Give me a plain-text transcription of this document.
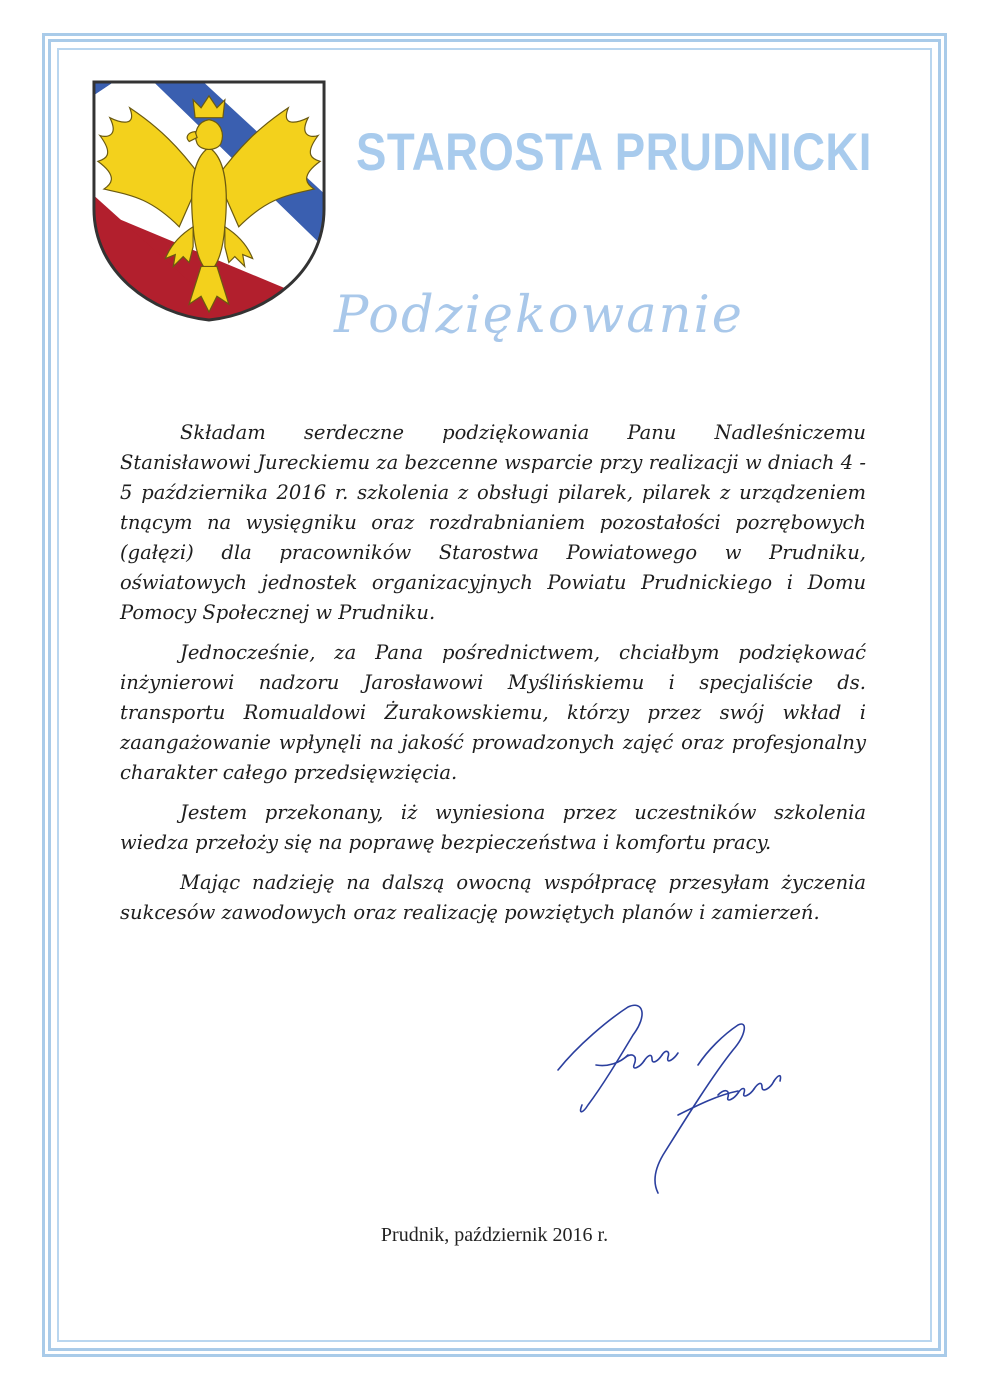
STAROSTA PRUDNICKI
Podziękowanie

Składam serdeczne podziękowania Panu Nadleśniczemu Stanisławowi Jureckiemu za bezcenne wsparcie przy realizacji w dniach 4 - 5 października 2016 r. szkolenia z obsługi pilarek, pilarek z urządzeniem tnącym na wysięgniku oraz rozdrabnianiem pozostałości pozrębowych (gałęzi) dla pracowników Starostwa Powiatowego w Prudniku, oświatowych jednostek organizacyjnych Powiatu Prudnickiego i Domu Pomocy Społecznej w Prudniku.

Jednocześnie, za Pana pośrednictwem, chciałbym podziękować inżynierowi nadzoru Jarosławowi Myślińskiemu i specjaliście ds. transportu Romualdowi Żurakowskiemu, którzy przez swój wkład i zaangażowanie wpłynęli na jakość prowadzonych zajęć oraz profesjonalny charakter całego przedsięwzięcia.

Jestem przekonany, iż wyniesiona przez uczestników szkolenia wiedza przełoży się na poprawę bezpieczeństwa i komfortu pracy.

Mając nadzieję na dalszą owocną współpracę przesyłam życzenia sukcesów zawodowych oraz realizację powziętych planów i zamierzeń.

Prudnik, październik 2016 r.
